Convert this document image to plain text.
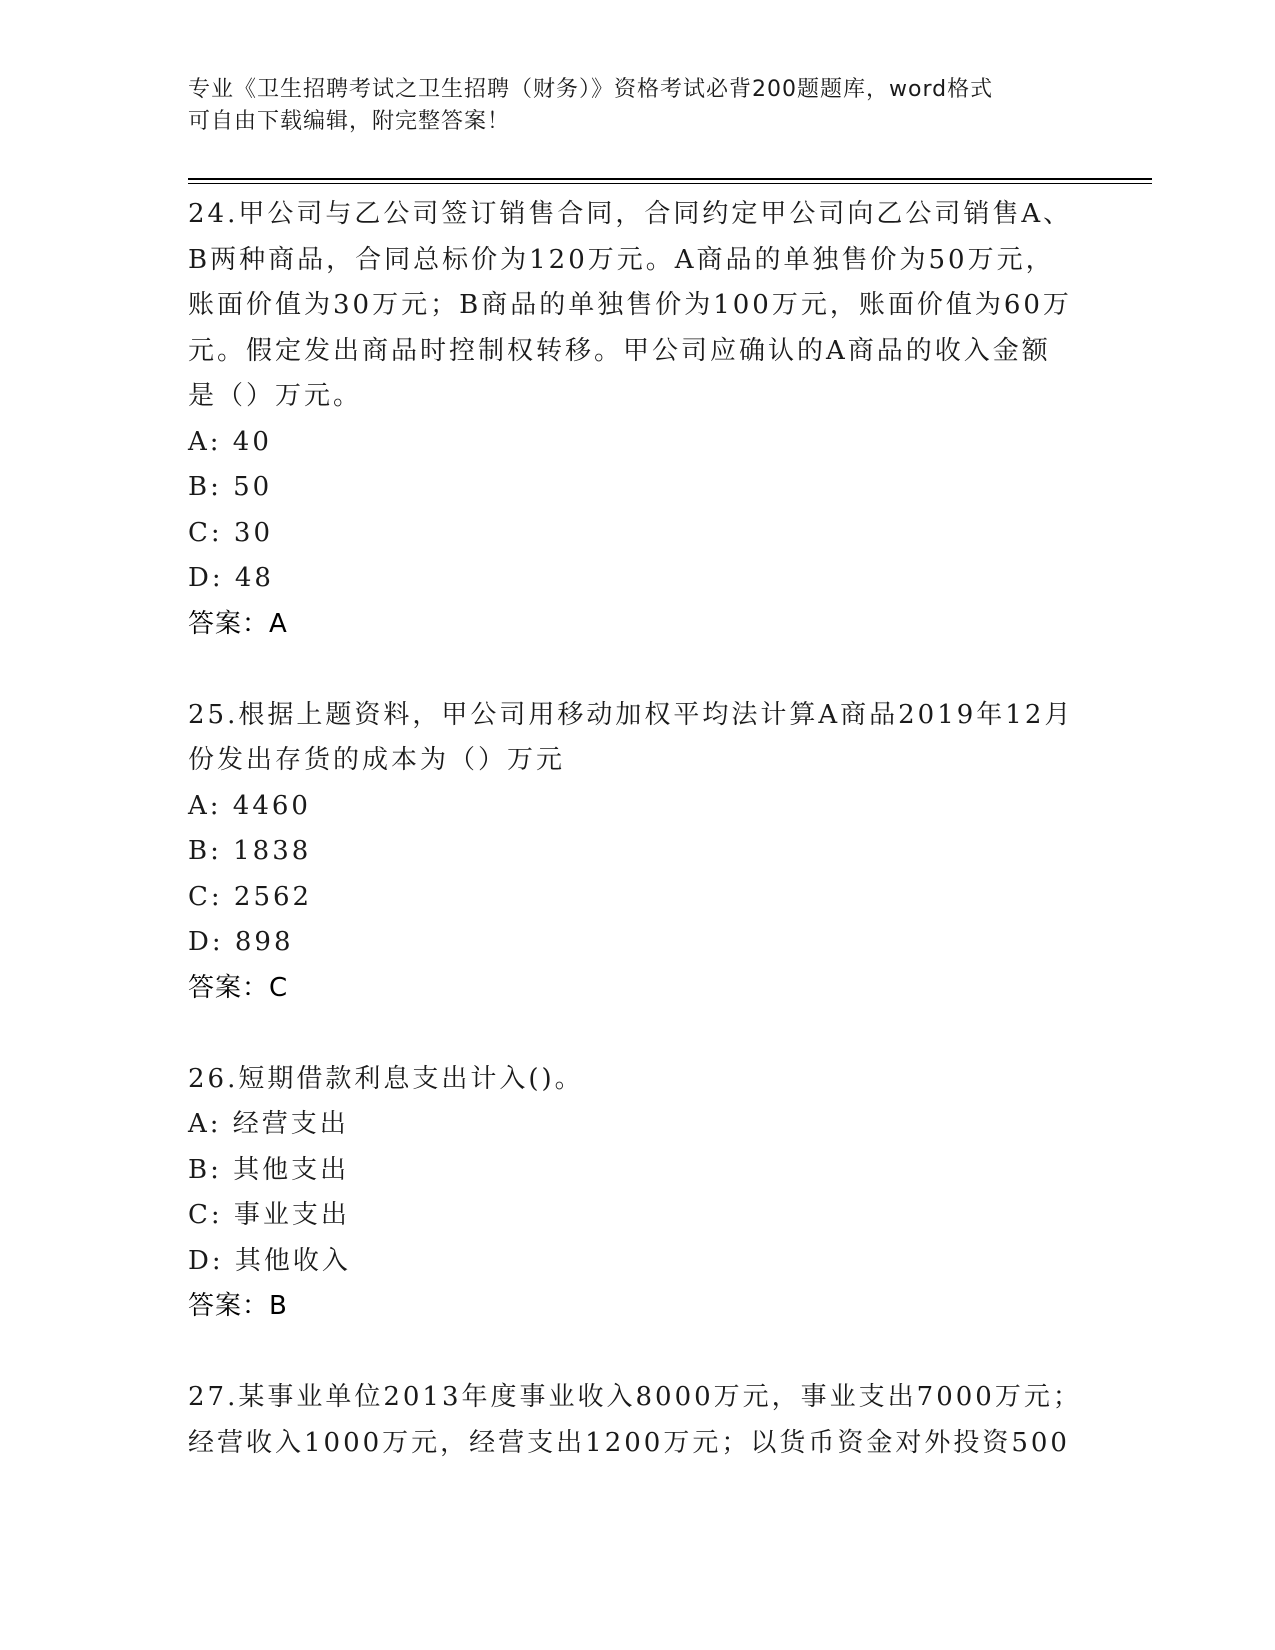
专业《卫生招聘考试之卫生招聘（财务）》资格考试必背200题题库，word格式
可自由下载编辑，附完整答案！
24.甲公司与乙公司签订销售合同，合同约定甲公司向乙公司销售A、
B两种商品，合同总标价为120万元。A商品的单独售价为50万元，
账面价值为30万元；B商品的单独售价为100万元，账面价值为60万
元。假定发出商品时控制权转移。甲公司应确认的A商品的收入金额
是（）万元。
A: 40
B: 50
C: 30
D: 48
答案：A
25.根据上题资料，甲公司用移动加权平均法计算A商品2019年12月
份发出存货的成本为（）万元
A: 4460
B: 1838
C: 2562
D: 898
答案：C
26.短期借款利息支出计入()。
A: 经营支出
B: 其他支出
C: 事业支出
D: 其他收入
答案：B
27.某事业单位2013年度事业收入8000万元，事业支出7000万元；
经营收入1000万元，经营支出1200万元；以货币资金对外投资500
